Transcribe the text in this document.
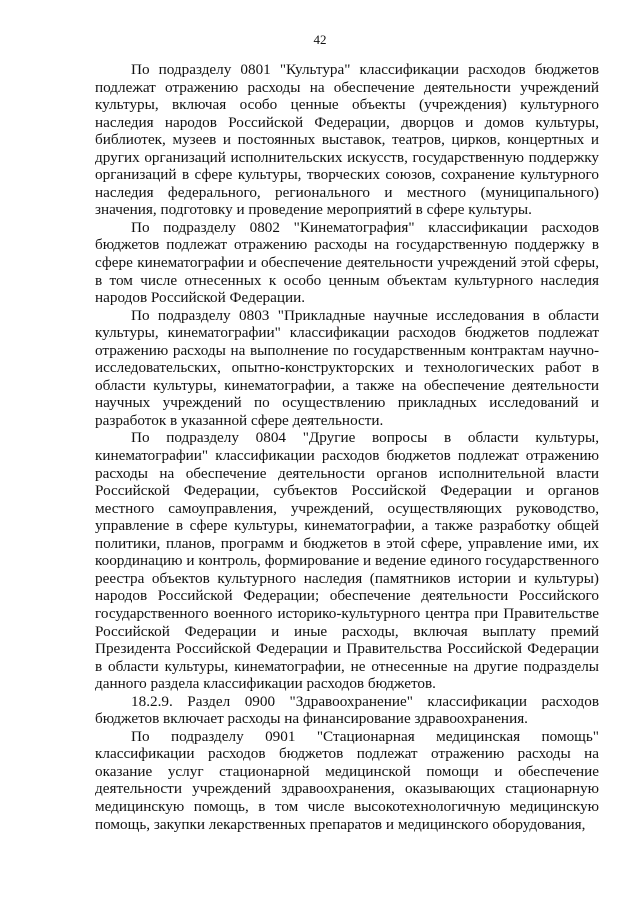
42

По подразделу 0801 "Культура" классификации расходов бюджетов подлежат отражению расходы на обеспечение деятельности учреждений культуры, включая особо ценные объекты (учреждения) культурного наследия народов Российской Федерации, дворцов и домов культуры, библиотек, музеев и постоянных выставок, театров, цирков, концертных и других организаций исполнительских искусств, государственную поддержку организаций в сфере культуры, творческих союзов, сохранение культурного наследия федерального, регионального и местного (муниципального) значения, подготовку и проведение мероприятий в сфере культуры.

По подразделу 0802 "Кинематография" классификации расходов бюджетов подлежат отражению расходы на государственную поддержку в сфере кинематографии и обеспечение деятельности учреждений этой сферы, в том числе отнесенных к особо ценным объектам культурного наследия народов Российской Федерации.

По подразделу 0803 "Прикладные научные исследования в области культуры, кинематографии" классификации расходов бюджетов подлежат отражению расходы на выполнение по государственным контрактам научно-исследовательских, опытно-конструкторских и технологических работ в области культуры, кинематографии, а также на обеспечение деятельности научных учреждений по осуществлению прикладных исследований и разработок в указанной сфере деятельности.

По подразделу 0804 "Другие вопросы в области культуры, кинематографии" классификации расходов бюджетов подлежат отражению расходы на обеспечение деятельности органов исполнительной власти Российской Федерации, субъектов Российской Федерации и органов местного самоуправления, учреждений, осуществляющих руководство, управление в сфере культуры, кинематографии, а также разработку общей политики, планов, программ и бюджетов в этой сфере, управление ими, их координацию и контроль, формирование и ведение единого государственного реестра объектов культурного наследия (памятников истории и культуры) народов Российской Федерации; обеспечение деятельности Российского государственного военного историко-культурного центра при Правительстве Российской Федерации и иные расходы, включая выплату премий Президента Российской Федерации и Правительства Российской Федерации в области культуры, кинематографии, не отнесенные на другие подразделы данного раздела классификации расходов бюджетов.

18.2.9. Раздел 0900 "Здравоохранение" классификации расходов бюджетов включает расходы на финансирование здравоохранения.

По подразделу 0901 "Стационарная медицинская помощь" классификации расходов бюджетов подлежат отражению расходы на оказание услуг стационарной медицинской помощи и обеспечение деятельности учреждений здравоохранения, оказывающих стационарную медицинскую помощь, в том числе высокотехнологичную медицинскую помощь, закупки лекарственных препаратов и медицинского оборудования,
